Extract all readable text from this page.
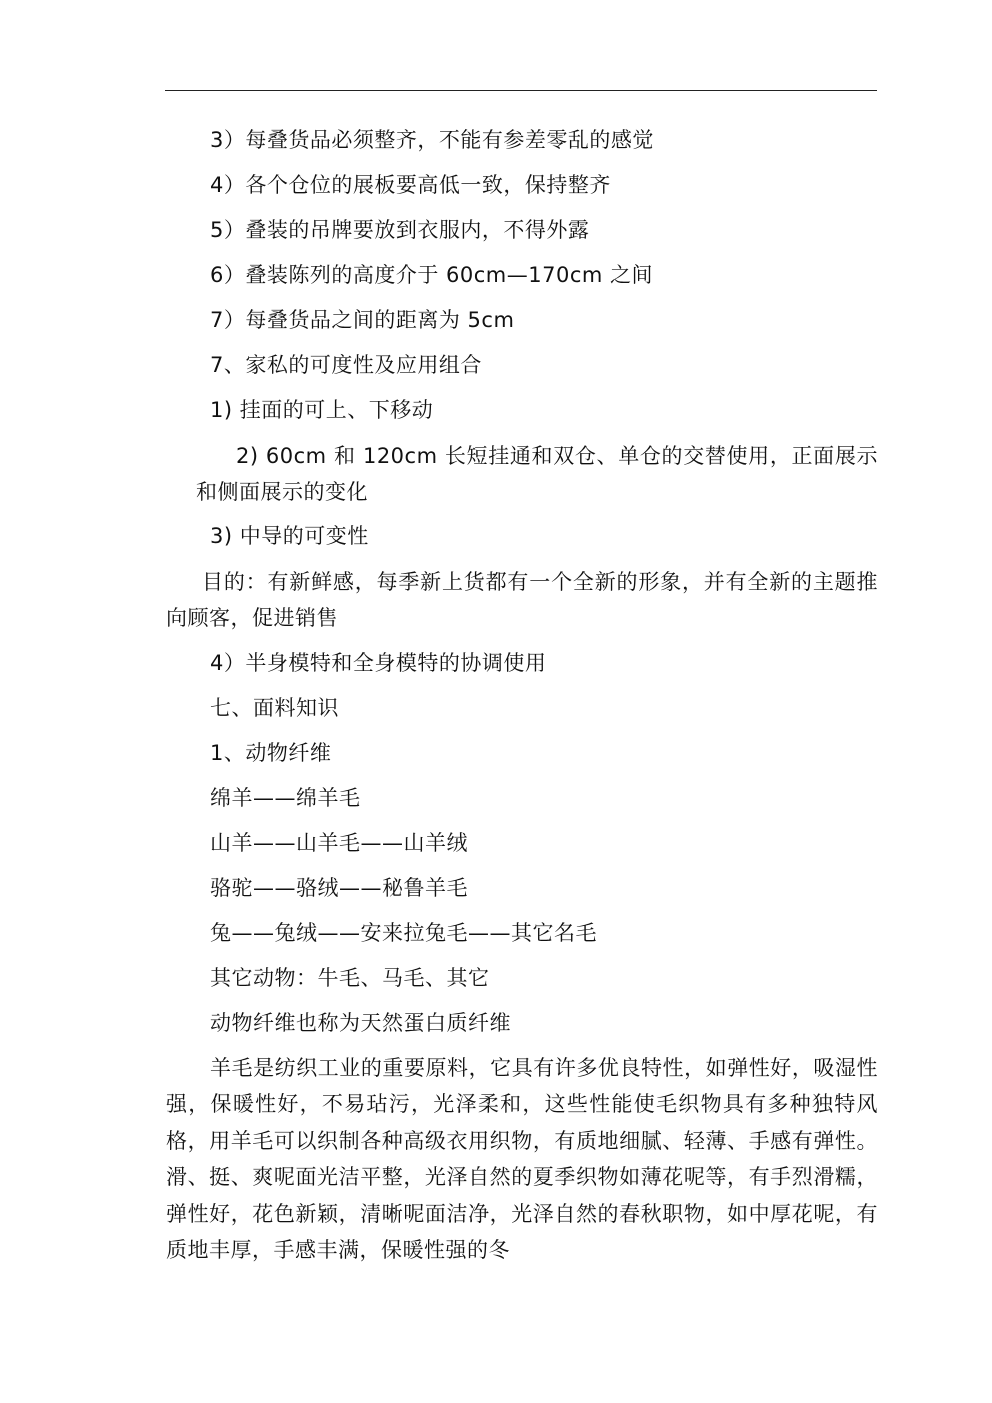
3）每叠货品必须整齐，不能有参差零乱的感觉
4）各个仓位的展板要高低一致，保持整齐
5）叠装的吊牌要放到衣服内，不得外露
6）叠装陈列的高度介于 60cm—170cm 之间
7）每叠货品之间的距离为 5cm
7、家私的可度性及应用组合
1) 挂面的可上、下移动
2) 60cm 和 120cm 长短挂通和双仓、单仓的交替使用，正面展示和侧面展示的变化
3) 中导的可变性
目的：有新鲜感，每季新上货都有一个全新的形象，并有全新的主题推向顾客，促进销售
4）半身模特和全身模特的协调使用
七、面料知识
1、动物纤维
绵羊——绵羊毛
山羊——山羊毛——山羊绒
骆驼——骆绒——秘鲁羊毛
兔——兔绒——安来拉兔毛——其它名毛
其它动物：牛毛、马毛、其它
动物纤维也称为天然蛋白质纤维
羊毛是纺织工业的重要原料，它具有许多优良特性，如弹性好，吸湿性强，保暖性好，不易玷污，光泽柔和，这些性能使毛织物具有多种独特风格，用羊毛可以织制各种高级衣用织物，有质地细腻、轻薄、手感有弹性。滑、挺、爽呢面光洁平整，光泽自然的夏季织物如薄花呢等，有手烈滑糯，弹性好，花色新颖，清晰呢面洁净，光泽自然的春秋职物，如中厚花呢，有质地丰厚，手感丰满，保暖性强的冬
